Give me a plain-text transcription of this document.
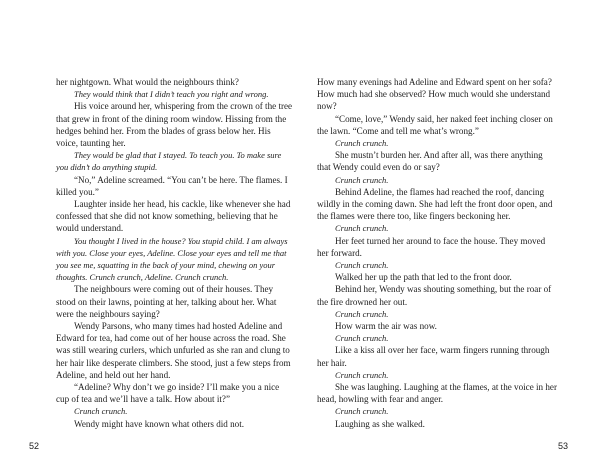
her nightgown. What would the neighbours think?

They would think that I didn’t teach you right and wrong.

His voice around her, whispering from the crown of the tree that grew in front of the dining room window. Hissing from the hedges behind her. From the blades of grass below her. His voice, taunting her.

They would be glad that I stayed. To teach you. To make sure you didn’t do anything stupid.

“No,” Adeline screamed. “You can’t be here. The flames. I killed you.”

Laughter inside her head, his cackle, like whenever she had confessed that she did not know something, believing that he would understand.

You thought I lived in the house? You stupid child. I am always with you. Close your eyes, Adeline. Close your eyes and tell me that you see me, squatting in the back of your mind, chewing on your thoughts. Crunch crunch, Adeline. Crunch crunch.

The neighbours were coming out of their houses. They stood on their lawns, pointing at her, talking about her. What were the neighbours saying?

Wendy Parsons, who many times had hosted Adeline and Edward for tea, had come out of her house across the road. She was still wearing curlers, which unfurled as she ran and clung to her hair like desperate climbers. She stood, just a few steps from Adeline, and held out her hand.

“Adeline? Why don’t we go inside? I’ll make you a nice cup of tea and we’ll have a talk. How about it?”

Crunch crunch.

Wendy might have known what others did not.

How many evenings had Adeline and Edward spent on her sofa? How much had she observed? How much would she understand now?

“Come, love,” Wendy said, her naked feet inching closer on the lawn. “Come and tell me what’s wrong.”

Crunch crunch.

She mustn’t burden her. And after all, was there anything that Wendy could even do or say?

Crunch crunch.

Behind Adeline, the flames had reached the roof, dancing wildly in the coming dawn. She had left the front door open, and the flames were there too, like fingers beckoning her.

Crunch crunch.

Her feet turned her around to face the house. They moved her forward.

Crunch crunch.

Walked her up the path that led to the front door.

Behind her, Wendy was shouting something, but the roar of the fire drowned her out.

Crunch crunch.

How warm the air was now.

Crunch crunch.

Like a kiss all over her face, warm fingers running through her hair.

Crunch crunch.

She was laughing. Laughing at the flames, at the voice in her head, howling with fear and anger.

Crunch crunch.

Laughing as she walked.

52	53
